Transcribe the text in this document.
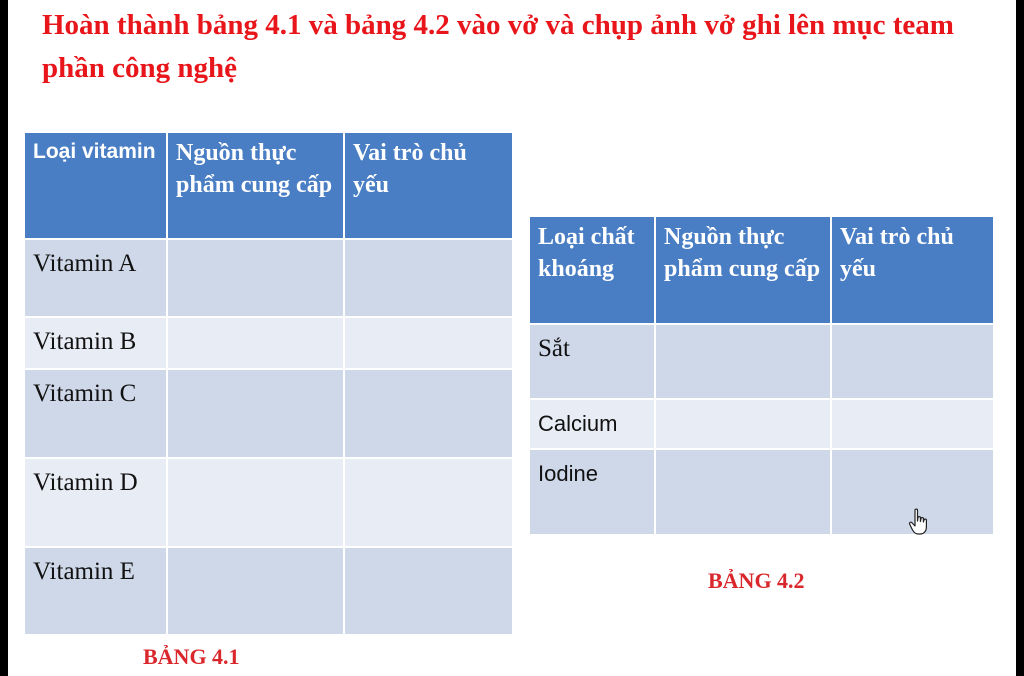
Hoàn thành bảng 4.1 và bảng 4.2 vào vở và chụp ảnh vở ghi lên mục team phần công nghệ
Loại vitamin	Nguồn thực phẩm cung cấp	Vai trò chủ yếu
Vitamin A		
Vitamin B		
Vitamin C		
Vitamin D		
Vitamin E		

BẢNG 4.1

Loại chất khoáng	Nguồn thực phẩm cung cấp	Vai trò chủ yếu
Sắt		
Calcium		
Iodine		

BẢNG 4.2
